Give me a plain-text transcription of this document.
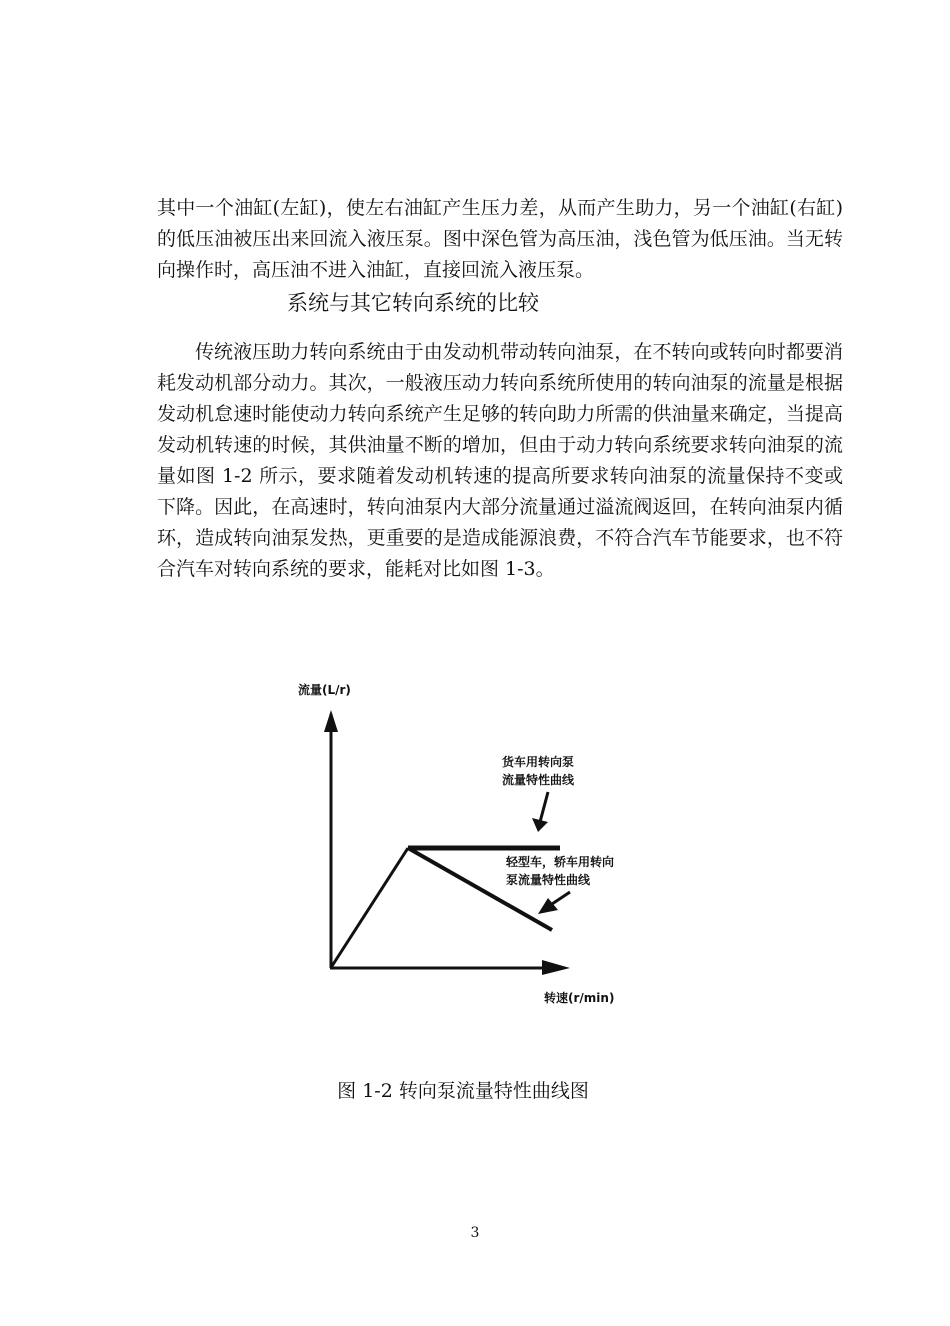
其中一个油缸(左缸)，使左右油缸产生压力差，从而产生助力，另一个油缸(右缸)的低压油被压出来回流入液压泵。图中深色管为高压油，浅色管为低压油。当无转向操作时，高压油不进入油缸，直接回流入液压泵。

系统与其它转向系统的比较

传统液压助力转向系统由于由发动机带动转向油泵，在不转向或转向时都要消耗发动机部分动力。其次，一般液压动力转向系统所使用的转向油泵的流量是根据发动机怠速时能使动力转向系统产生足够的转向助力所需的供油量来确定，当提高发动机转速的时候，其供油量不断的增加，但由于动力转向系统要求转向油泵的流量如图 1-2 所示，要求随着发动机转速的提高所要求转向油泵的流量保持不变或下降。因此，在高速时，转向油泵内大部分流量通过溢流阀返回，在转向油泵内循环，造成转向油泵发热，更重要的是造成能源浪费，不符合汽车节能要求，也不符合汽车对转向系统的要求，能耗对比如图 1-3。

流量(L/r)
转速(r/min)
货车用转向泵
流量特性曲线
轻型车，轿车用转向
泵流量特性曲线

图 1-2 转向泵流量特性曲线图

3
